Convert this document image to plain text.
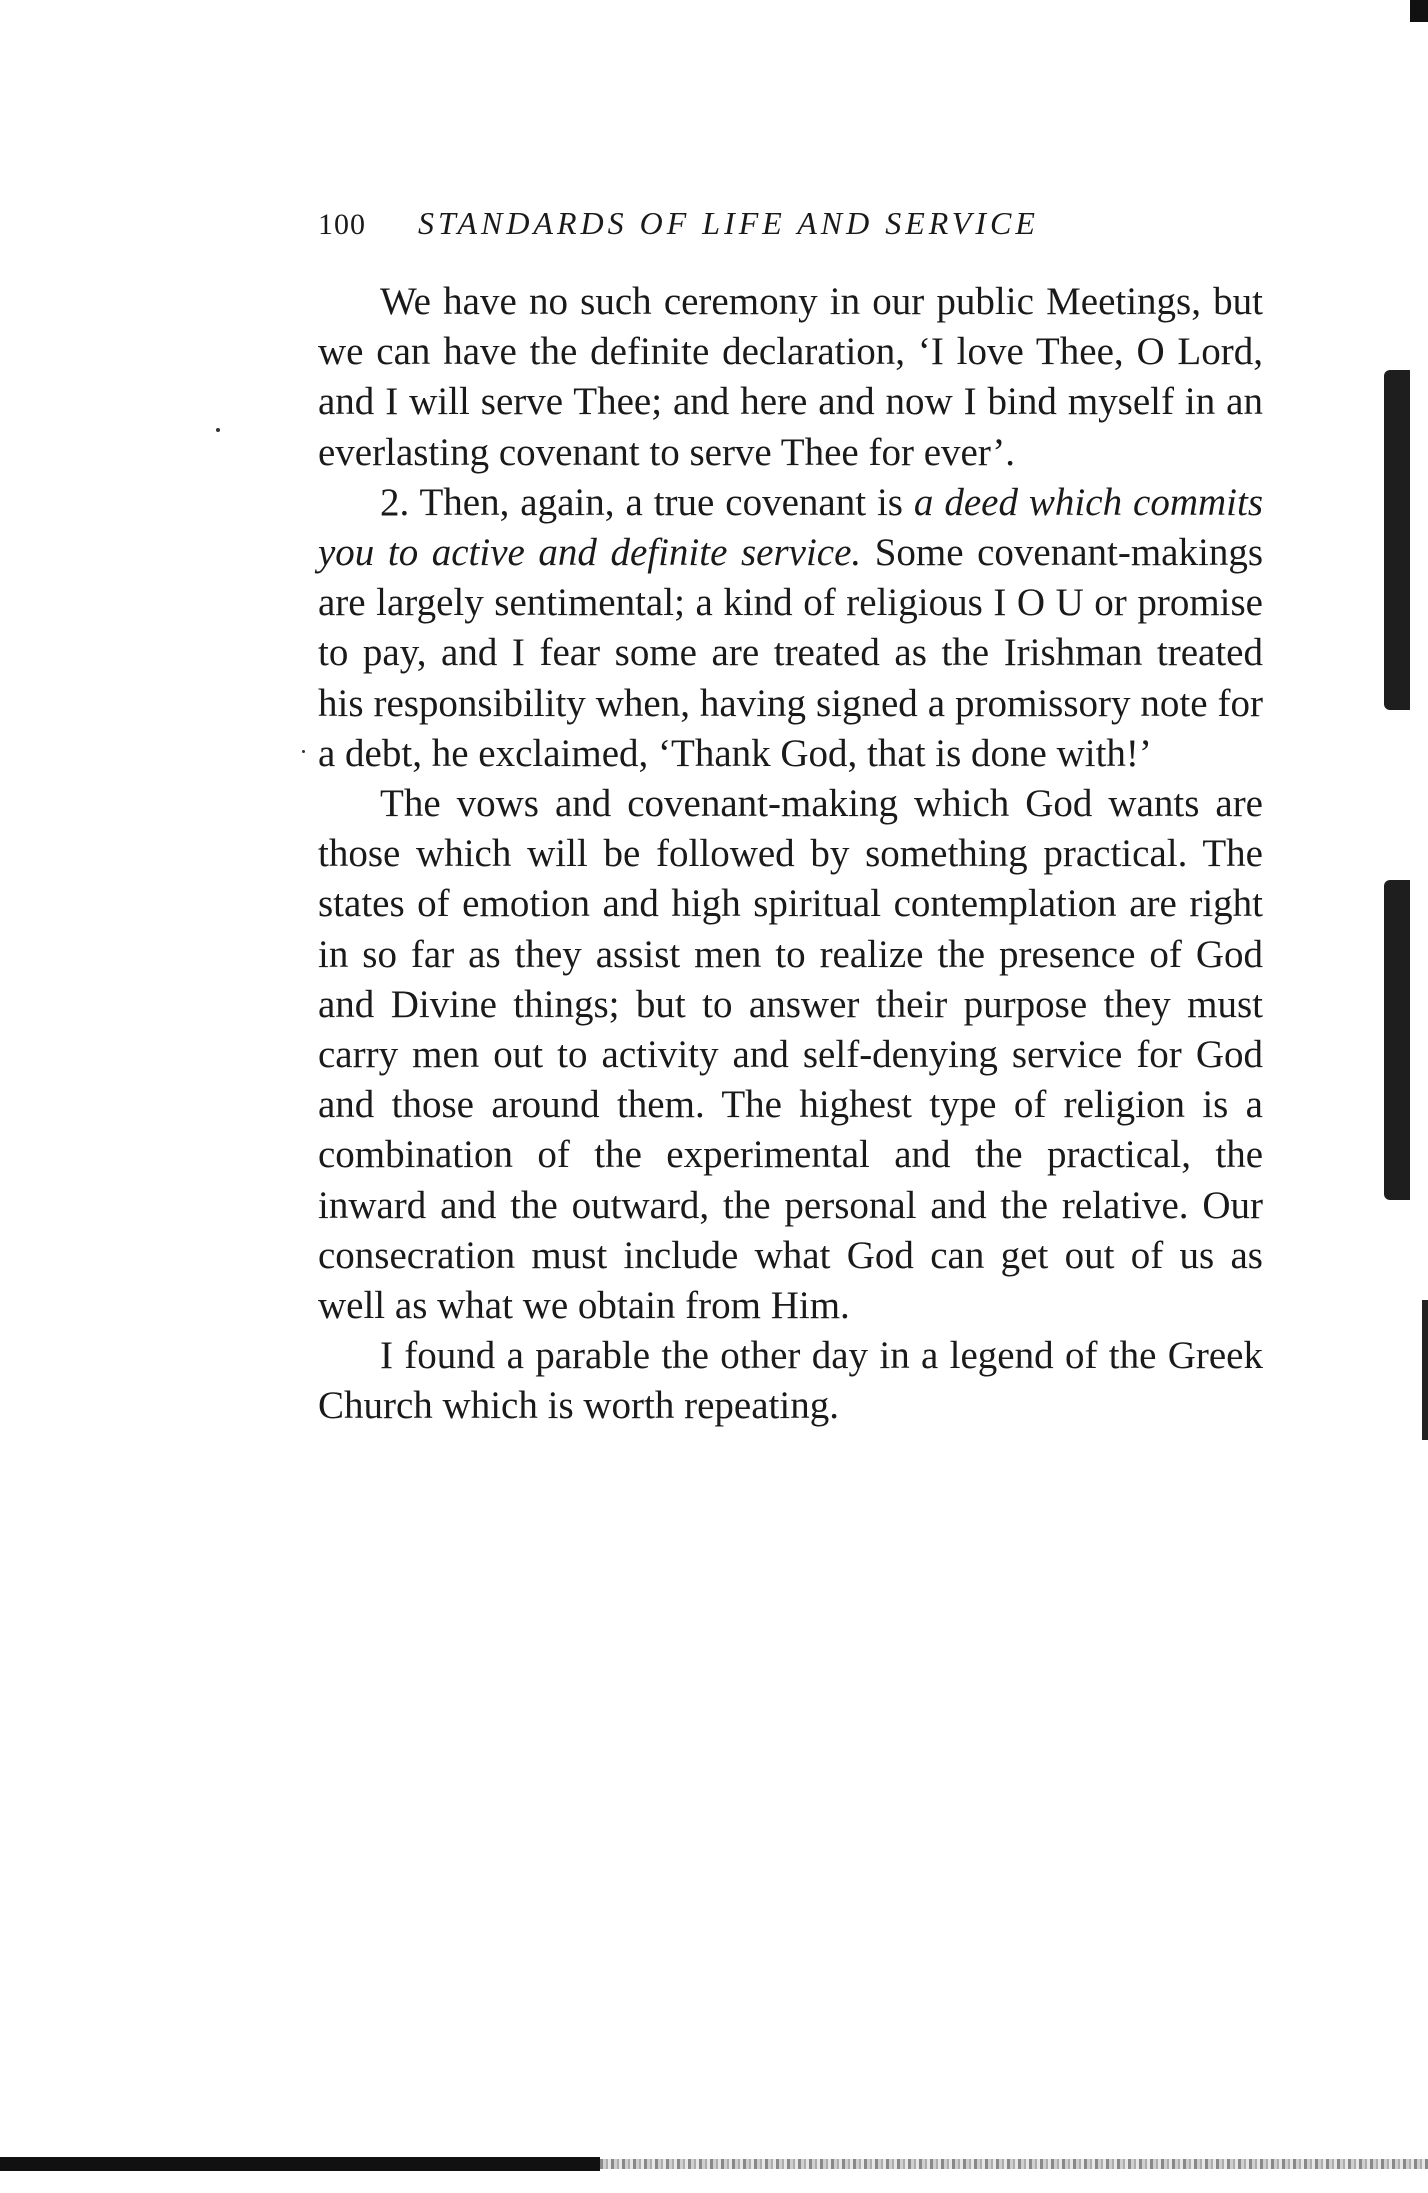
100	STANDARDS OF LIFE AND SERVICE

We have no such ceremony in our public Meetings, but we can have the definite declaration, ‘I love Thee, O Lord, and I will serve Thee; and here and now I bind myself in an everlasting covenant to serve Thee for ever’.

2. Then, again, a true covenant is a deed which commits you to active and definite service. Some covenant-makings are largely sentimental; a kind of religious I O U or promise to pay, and I fear some are treated as the Irishman treated his responsibility when, having signed a promissory note for a debt, he exclaimed, ‘Thank God, that is done with!’

The vows and covenant-making which God wants are those which will be followed by something practical. The states of emotion and high spiritual contemplation are right in so far as they assist men to realize the presence of God and Divine things; but to answer their purpose they must carry men out to activity and self-denying service for God and those around them. The highest type of religion is a combination of the experimental and the practical, the inward and the outward, the personal and the relative. Our consecration must include what God can get out of us as well as what we obtain from Him.

I found a parable the other day in a legend of the Greek Church which is worth repeating.
